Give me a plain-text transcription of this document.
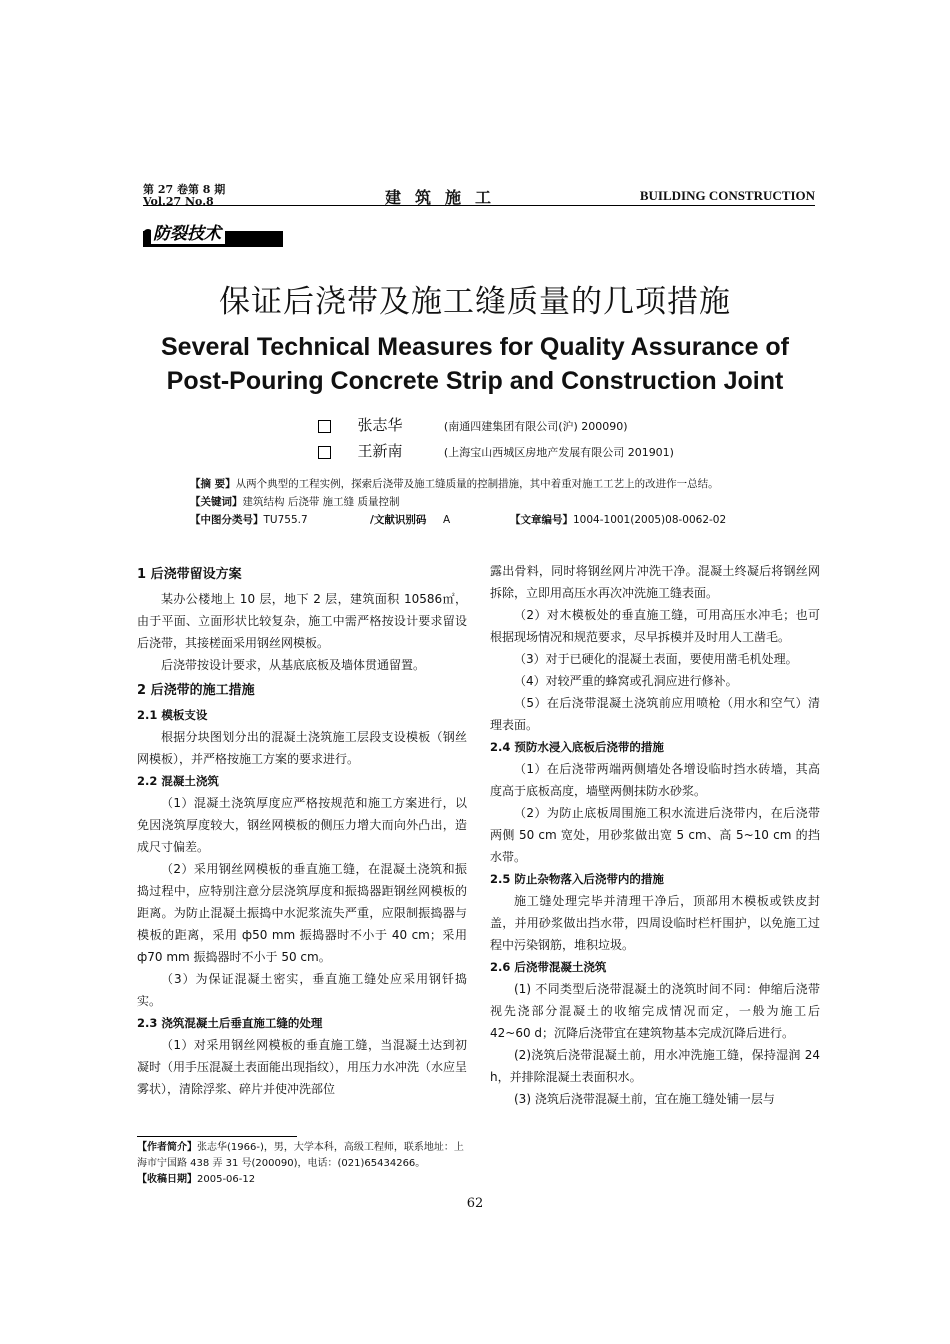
第 27 卷第 8 期
Vol.27 No.8	建筑施工	BUILDING CONSTRUCTION
防裂技术
保证后浇带及施工缝质量的几项措施
Several Technical Measures for Quality Assurance of
Post-Pouring Concrete Strip and Construction Joint
张志华	(南通四建集团有限公司(沪) 200090)
王新南	(上海宝山西城区房地产发展有限公司 201901)
【摘 要】从两个典型的工程实例，探索后浇带及施工缝质量的控制措施，其中着重对施工工艺上的改进作一总结。
【关键词】建筑结构 后浇带 施工缝 质量控制
【中图分类号】TU755.7	/文献识别码 A	【文章编号】1004-1001(2005)08-0062-02

1 后浇带留设方案

某办公楼地上 10 层，地下 2 层，建筑面积 10586㎡，由于平面、立面形状比较复杂，施工中需严格按设计要求留设后浇带，其接槎面采用钢丝网模板。

后浇带按设计要求，从基底底板及墙体贯通留置。

2 后浇带的施工措施

2.1 模板支设

根据分块图划分出的混凝土浇筑施工层段支设模板（钢丝网模板），并严格按施工方案的要求进行。

2.2 混凝土浇筑

（1）混凝土浇筑厚度应严格按规范和施工方案进行，以免因浇筑厚度较大，钢丝网模板的侧压力增大而向外凸出，造成尺寸偏差。

（2）采用钢丝网模板的垂直施工缝，在混凝土浇筑和振捣过程中，应特别注意分层浇筑厚度和振捣器距钢丝网模板的距离。为防止混凝土振捣中水泥浆流失严重，应限制振捣器与模板的距离，采用 ф50 mm 振捣器时不小于 40 cm；采用 ф70 mm 振捣器时不小于 50 cm。

（3）为保证混凝土密实，垂直施工缝处应采用钢钎捣实。

2.3 浇筑混凝土后垂直施工缝的处理

（1）对采用钢丝网模板的垂直施工缝，当混凝土达到初凝时（用手压混凝土表面能出现指纹），用压力水冲洗（水应呈雾状），清除浮浆、碎片并使冲洗部位

露出骨料，同时将钢丝网片冲洗干净。混凝土终凝后将钢丝网拆除，立即用高压水再次冲洗施工缝表面。

（2）对木模板处的垂直施工缝，可用高压水冲毛；也可根据现场情况和规范要求，尽早拆模并及时用人工凿毛。

（3）对于已硬化的混凝土表面，要使用凿毛机处理。

（4）对较严重的蜂窝或孔洞应进行修补。

（5）在后浇带混凝土浇筑前应用喷枪（用水和空气）清理表面。

2.4 预防水浸入底板后浇带的措施

（1）在后浇带两端两侧墙处各增设临时挡水砖墙，其高度高于底板高度，墙壁两侧抹防水砂浆。

（2）为防止底板周围施工积水流进后浇带内，在后浇带两侧 50 cm 宽处，用砂浆做出宽 5 cm、高 5~10 cm 的挡水带。

2.5 防止杂物落入后浇带内的措施

施工缝处理完毕并清理干净后，顶部用木模板或铁皮封盖，并用砂浆做出挡水带，四周设临时栏杆围护，以免施工过程中污染钢筋，堆积垃圾。

2.6 后浇带混凝土浇筑

(1) 不同类型后浇带混凝土的浇筑时间不同：伸缩后浇带视先浇部分混凝土的收缩完成情况而定，一般为施工后 42~60 d；沉降后浇带宜在建筑物基本完成沉降后进行。

(2)浇筑后浇带混凝土前，用水冲洗施工缝，保持湿润 24 h，并排除混凝土表面积水。

(3) 浇筑后浇带混凝土前，宜在施工缝处铺一层与

【作者简介】张志华(1966-)，男，大学本科，高级工程师，联系地址：上海市宁国路 438 弄 31 号(200090)，电话：(021)65434266。

【收稿日期】2005-06-12

62
